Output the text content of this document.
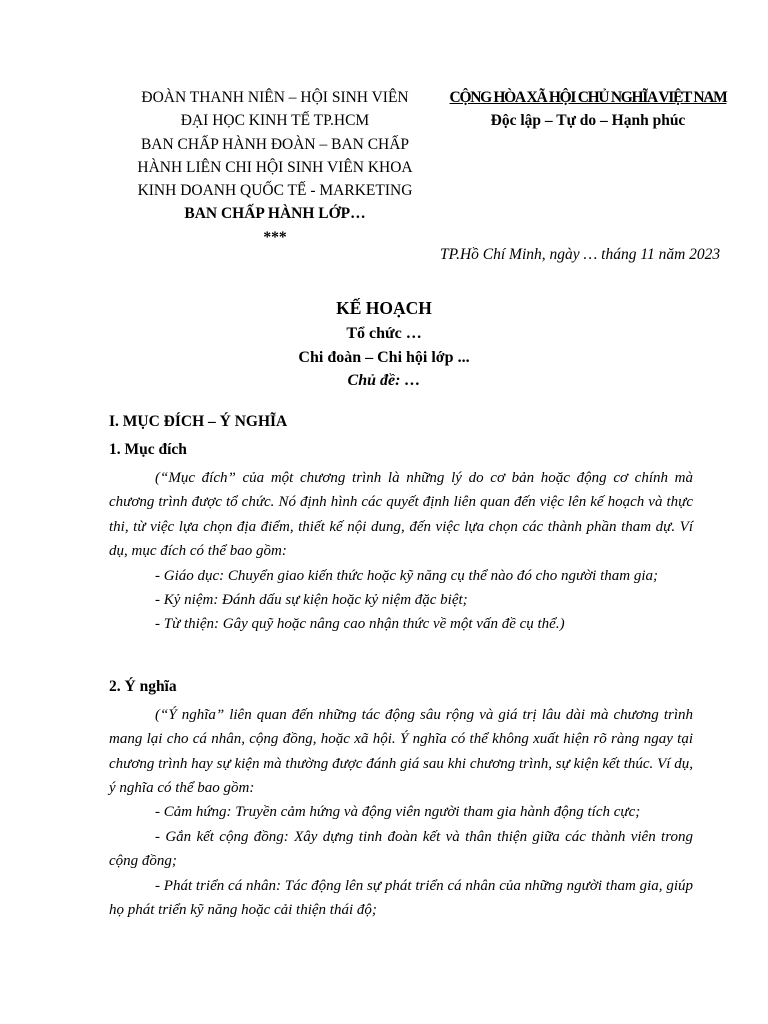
ĐOÀN THANH NIÊN – HỘI SINH VIÊN
ĐẠI HỌC KINH TẾ TP.HCM
BAN CHẤP HÀNH ĐOÀN – BAN CHẤP
HÀNH LIÊN CHI HỘI SINH VIÊN KHOA
KINH DOANH QUỐC TẾ - MARKETING
BAN CHẤP HÀNH LỚP…
***
CỘNG HÒA XÃ HỘI CHỦ NGHĨA VIỆT NAM
Độc lập – Tự do – Hạnh phúc
TP.Hồ Chí Minh, ngày … tháng 11 năm 2023
KẾ HOẠCH
Tổ chức …
Chi đoàn – Chi hội lớp ...
Chủ đề: …
I. MỤC ĐÍCH – Ý NGHĨA
1. Mục đích

(“Mục đích” của một chương trình là những lý do cơ bản hoặc động cơ chính mà chương trình được tổ chức. Nó định hình các quyết định liên quan đến việc lên kế hoạch và thực thi, từ việc lựa chọn địa điểm, thiết kế nội dung, đến việc lựa chọn các thành phần tham dự. Ví dụ, mục đích có thể bao gồm:

- Giáo dục: Chuyển giao kiến thức hoặc kỹ năng cụ thể nào đó cho người tham gia;

- Kỷ niệm: Đánh dấu sự kiện hoặc kỷ niệm đặc biệt;

- Từ thiện: Gây quỹ hoặc nâng cao nhận thức về một vấn đề cụ thể.)

2. Ý nghĩa

(“Ý nghĩa” liên quan đến những tác động sâu rộng và giá trị lâu dài mà chương trình mang lại cho cá nhân, cộng đồng, hoặc xã hội. Ý nghĩa có thể không xuất hiện rõ ràng ngay tại chương trình hay sự kiện mà thường được đánh giá sau khi chương trình, sự kiện kết thúc. Ví dụ, ý nghĩa có thể bao gồm:

- Cảm hứng: Truyền cảm hứng và động viên người tham gia hành động tích cực;

- Gắn kết cộng đồng: Xây dựng tinh đoàn kết và thân thiện giữa các thành viên trong cộng đồng;

- Phát triển cá nhân: Tác động lên sự phát triển cá nhân của những người tham gia, giúp họ phát triển kỹ năng hoặc cải thiện thái độ;
